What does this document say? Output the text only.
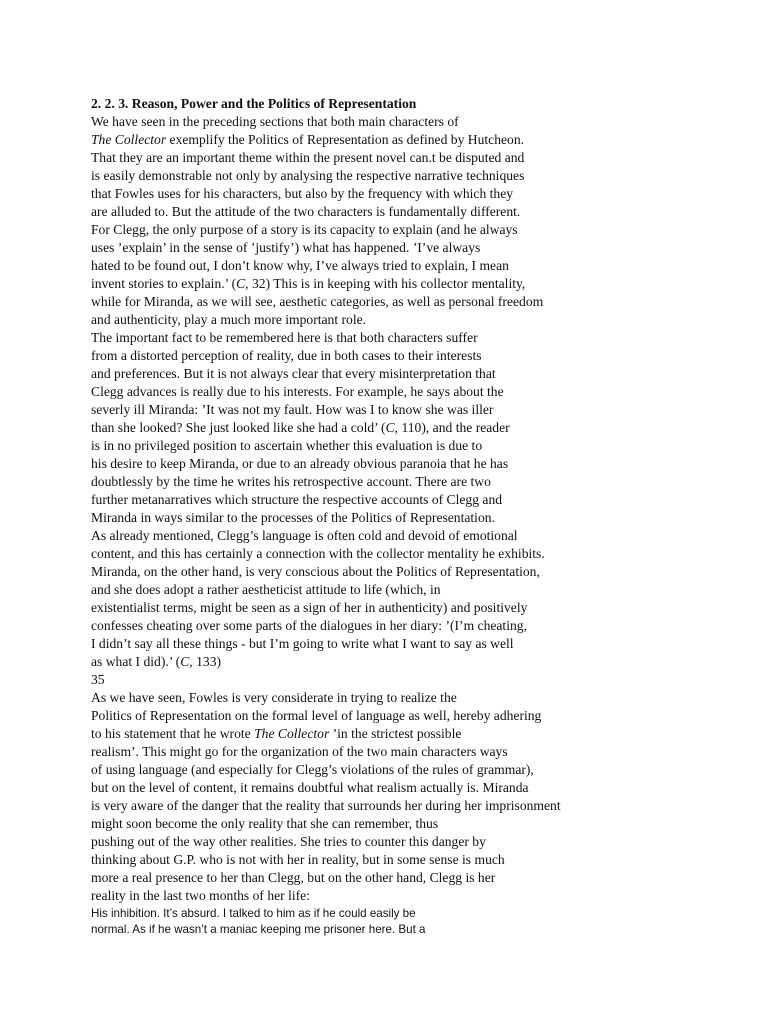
2. 2. 3. Reason, Power and the Politics of Representation
We have seen in the preceding sections that both main characters of
The Collector exemplify the Politics of Representation as defined by Hutcheon.
That they are an important theme within the present novel can.t be disputed and
is easily demonstrable not only by analysing the respective narrative techniques
that Fowles uses for his characters, but also by the frequency with which they
are alluded to. But the attitude of the two characters is fundamentally different.
For Clegg, the only purpose of a story is its capacity to explain (and he always
uses ’explain’ in the sense of ’justify’) what has happened. ’I’ve always
hated to be found out, I don’t know why, I’ve always tried to explain, I mean
invent stories to explain.’ (C, 32) This is in keeping with his collector mentality,
while for Miranda, as we will see, aesthetic categories, as well as personal freedom
and authenticity, play a much more important role.
The important fact to be remembered here is that both characters suffer
from a distorted perception of reality, due in both cases to their interests
and preferences. But it is not always clear that every misinterpretation that
Clegg advances is really due to his interests. For example, he says about the
severly ill Miranda: ’It was not my fault. How was I to know she was iller
than she looked? She just looked like she had a cold’ (C, 110), and the reader
is in no privileged position to ascertain whether this evaluation is due to
his desire to keep Miranda, or due to an already obvious paranoia that he has
doubtlessly by the time he writes his retrospective account. There are two
further metanarratives which structure the respective accounts of Clegg and
Miranda in ways similar to the processes of the Politics of Representation.
As already mentioned, Clegg’s language is often cold and devoid of emotional
content, and this has certainly a connection with the collector mentality he exhibits.
Miranda, on the other hand, is very conscious about the Politics of Representation,
and she does adopt a rather aestheticist attitude to life (which, in
existentialist terms, might be seen as a sign of her in authenticity) and positively
confesses cheating over some parts of the dialogues in her diary: ’(I’m cheating,
I didn’t say all these things - but I’m going to write what I want to say as well
as what I did).’ (C, 133)
35
As we have seen, Fowles is very considerate in trying to realize the
Politics of Representation on the formal level of language as well, hereby adhering
to his statement that he wrote The Collector ’in the strictest possible
realism’. This might go for the organization of the two main characters ways
of using language (and especially for Clegg’s violations of the rules of grammar),
but on the level of content, it remains doubtful what realism actually is. Miranda
is very aware of the danger that the reality that surrounds her during her imprisonment
might soon become the only reality that she can remember, thus
pushing out of the way other realities. She tries to counter this danger by
thinking about G.P. who is not with her in reality, but in some sense is much
more a real presence to her than Clegg, but on the other hand, Clegg is her
reality in the last two months of her life:
His inhibition. It’s absurd. I talked to him as if he could easily be
normal. As if he wasn’t a maniac keeping me prisoner here. But a
